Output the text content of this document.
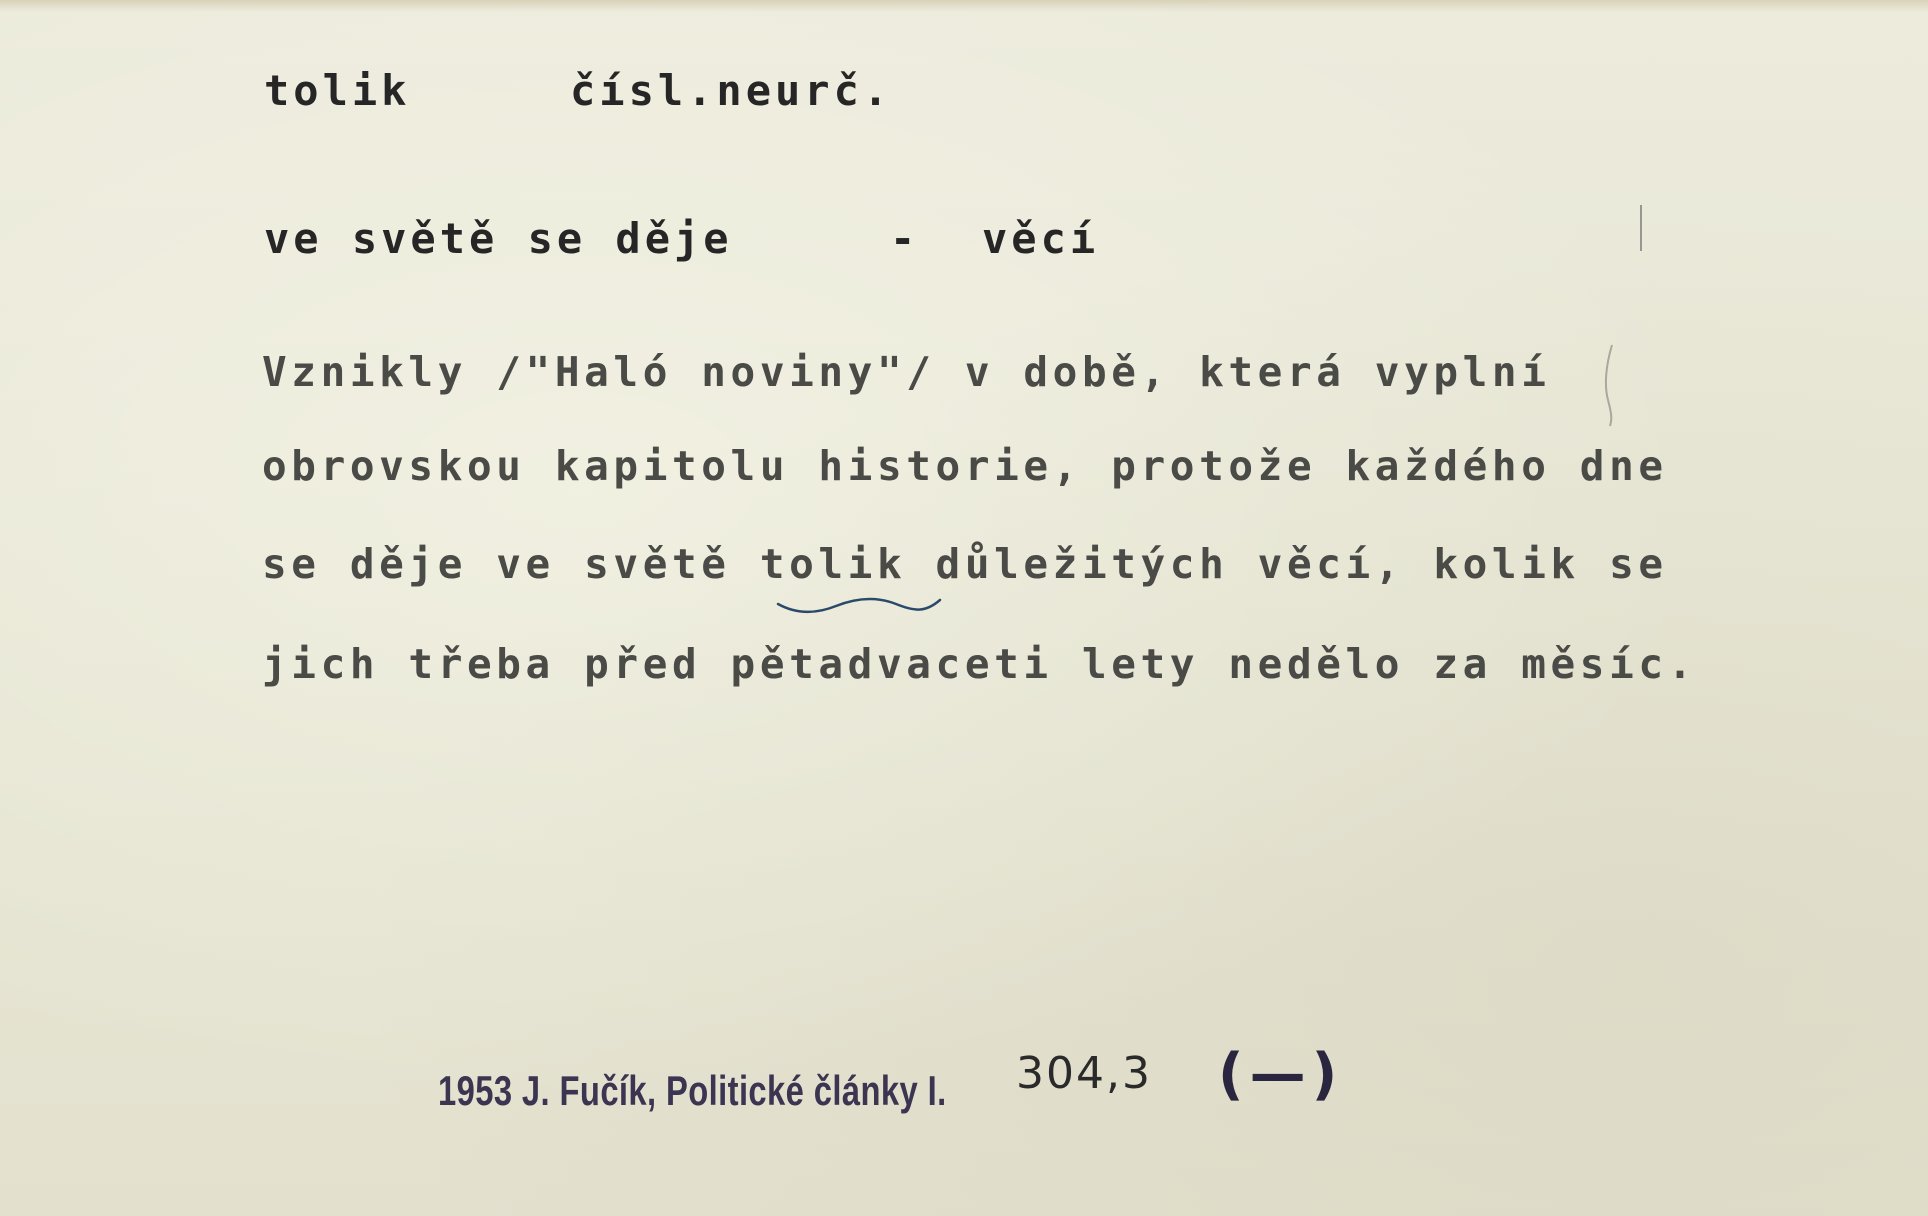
tolik	čísl.neurč.
ve světě se děje	- věcí
Vznikly /"Haló noviny"/ v době, která vyplní
obrovskou kapitolu historie, protože každého dne
se děje ve světě tolik důležitých věcí, kolik se
jich třeba před pětadvaceti lety nedělo za měsíc.
1953 J. Fučík, Politické články I. 304,3 (—)
